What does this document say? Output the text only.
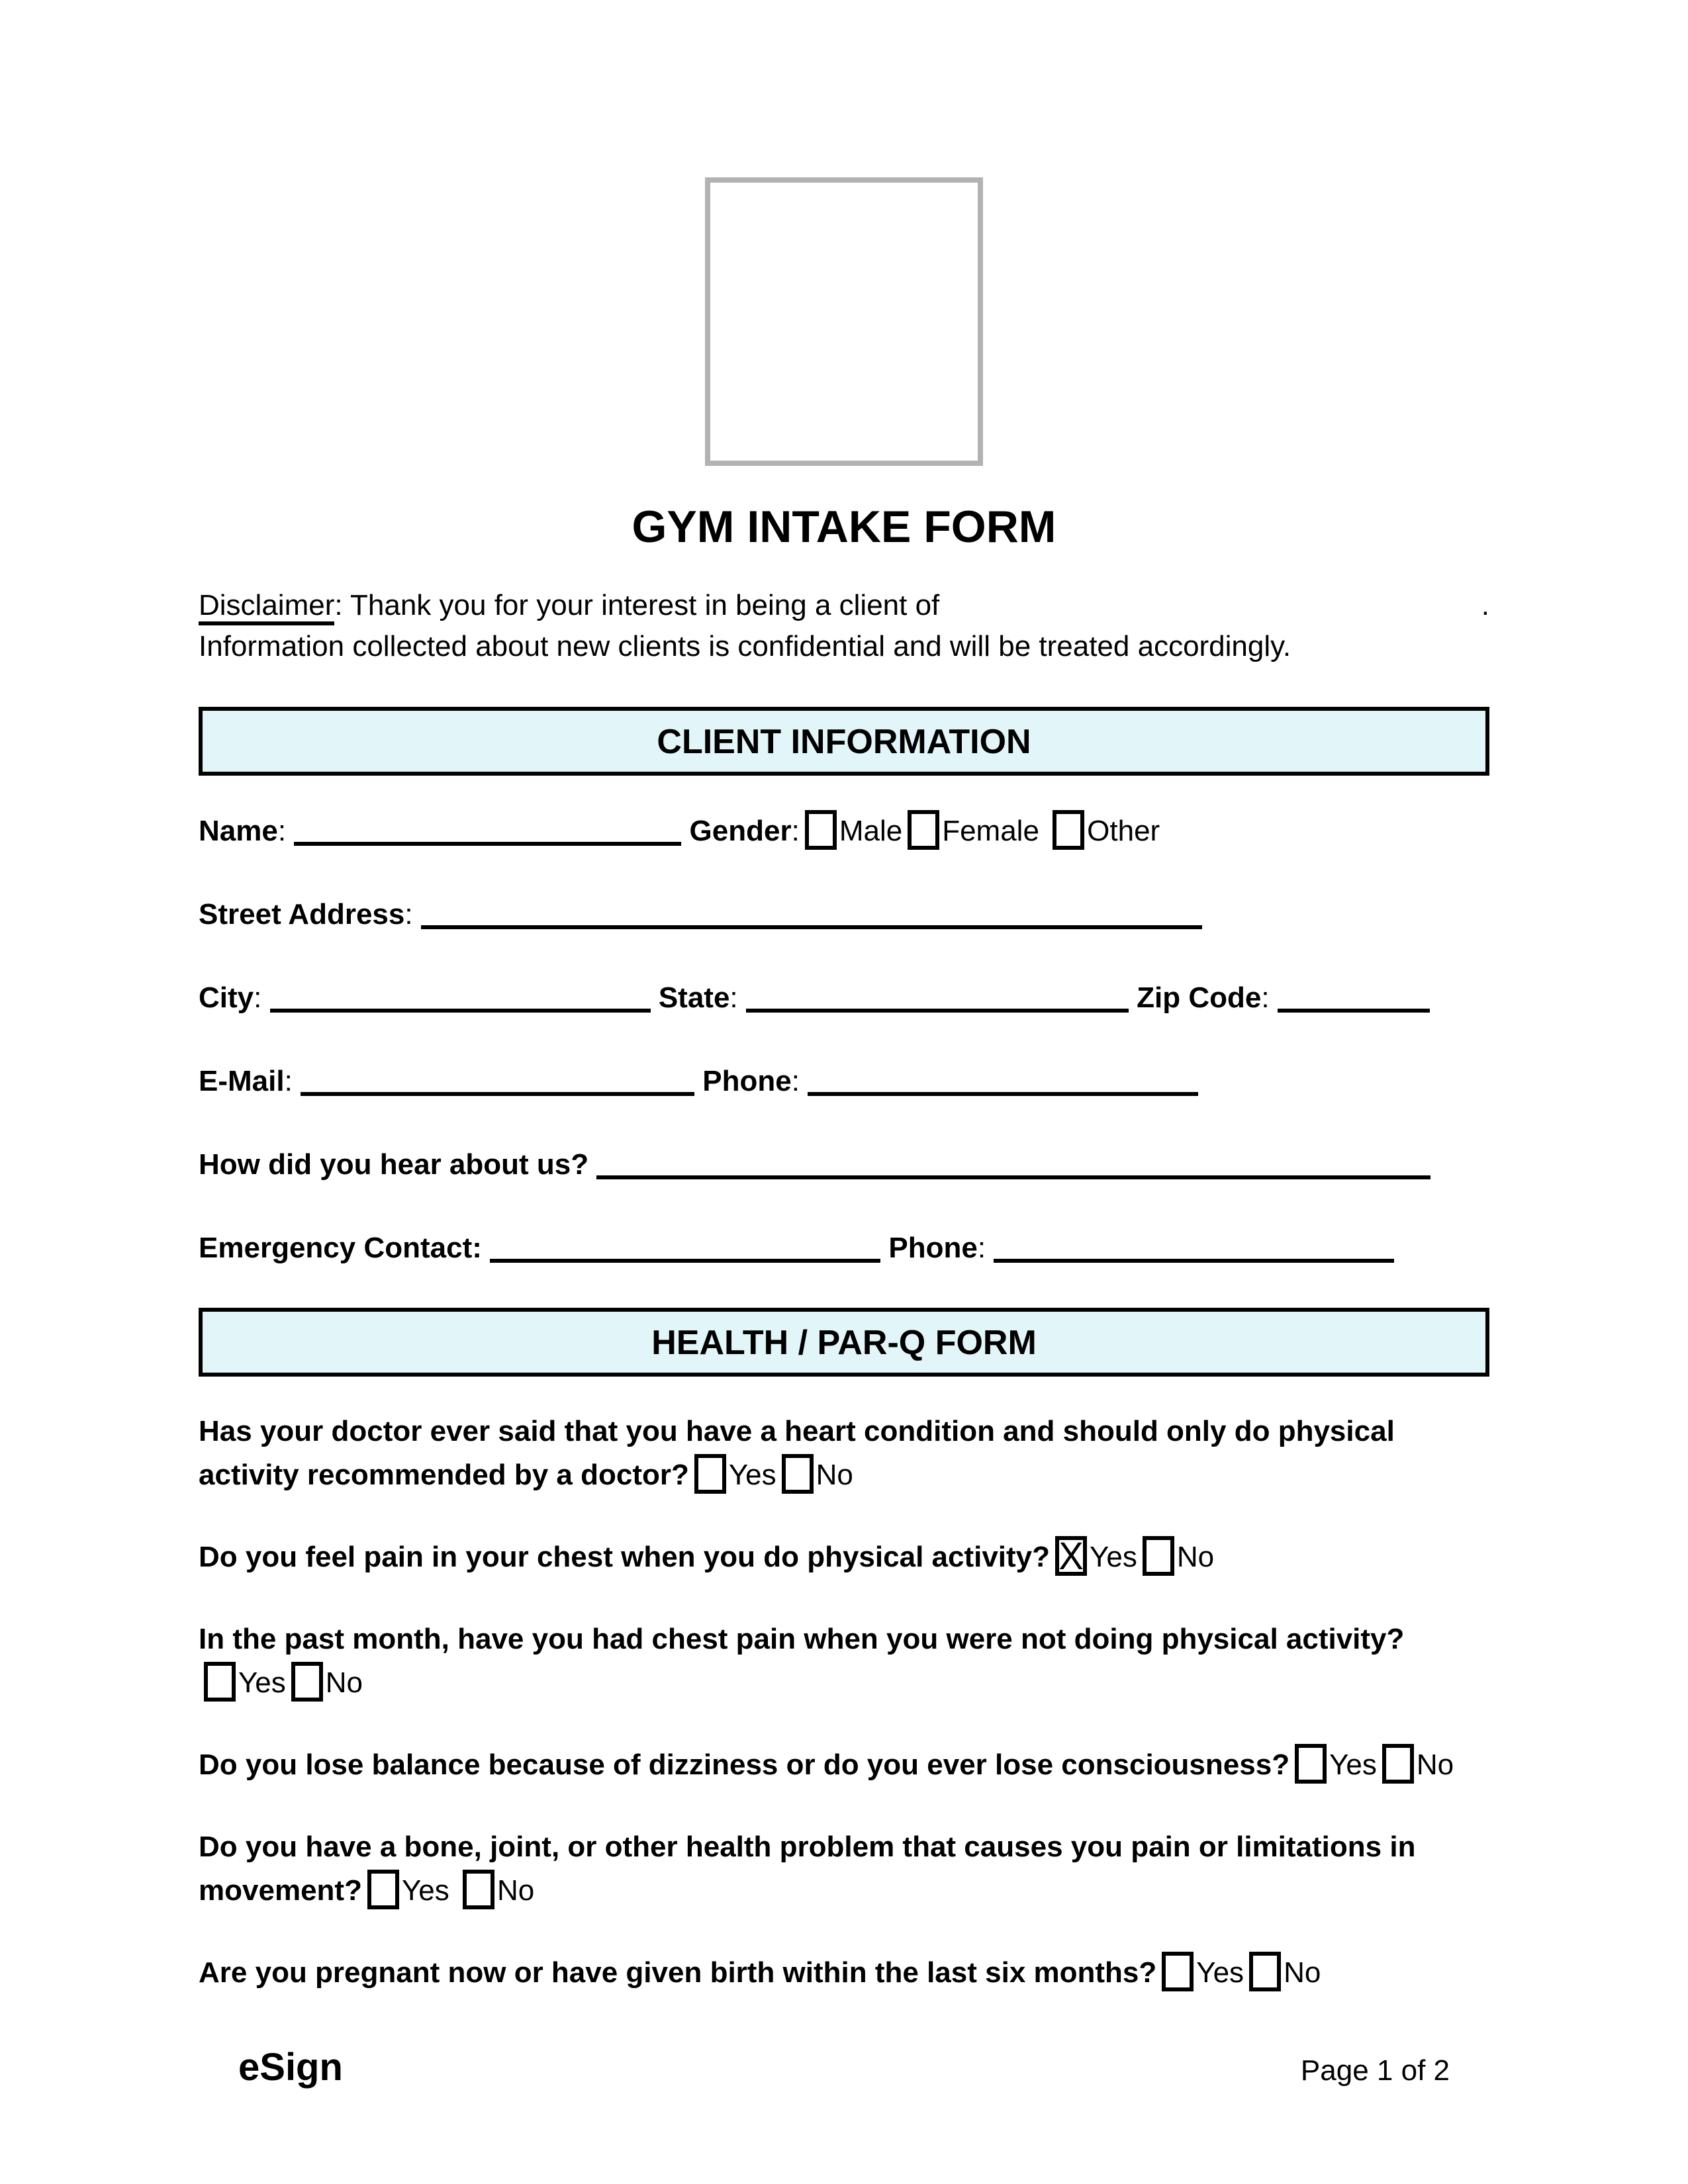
GYM INTAKE FORM
Disclaimer: Thank you for your interest in being a client of	.
Information collected about new clients is confidential and will be treated accordingly.
CLIENT INFORMATION
Name:	Gender: Male Female Other
Street Address:
City:	State:	Zip Code:
E-Mail:	Phone:
How did you hear about us?
Emergency Contact:	Phone:
HEALTH / PAR-Q FORM
Has your doctor ever said that you have a heart condition and should only do physical activity recommended by a doctor? Yes No
Do you feel pain in your chest when you do physical activity? X Yes No
In the past month, have you had chest pain when you were not doing physical activity?
Yes No
Do you lose balance because of dizziness or do you ever lose consciousness? Yes No
Do you have a bone, joint, or other health problem that causes you pain or limitations in movement? Yes No
Are you pregnant now or have given birth within the last six months? Yes No
eSign	Page 1 of 2
